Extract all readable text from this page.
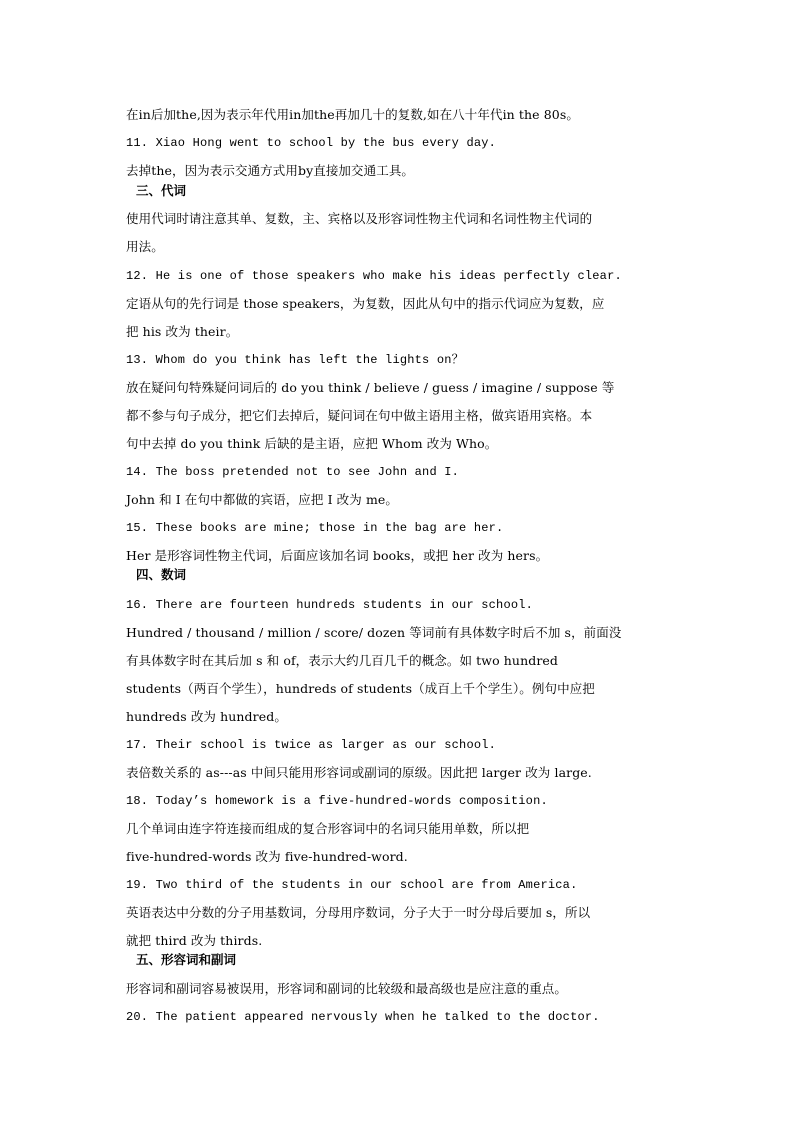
在in后加the,因为表示年代用in加the再加几十的复数,如在八十年代in the 80s。
11. Xiao Hong went to school by the bus every day.
去掉the，因为表示交通方式用by直接加交通工具。
三、代词
使用代词时请注意其单、复数，主、宾格以及形容词性物主代词和名词性物主代词的
用法。
12. He is one of those speakers who make his ideas perfectly clear.
定语从句的先行词是 those speakers，为复数，因此从句中的指示代词应为复数，应
把 his 改为 their。
13. Whom do you think has left the lights on？
放在疑问句特殊疑问词后的 do you think / believe / guess / imagine / suppose 等
都不参与句子成分，把它们去掉后，疑问词在句中做主语用主格，做宾语用宾格。本
句中去掉 do you think 后缺的是主语，应把 Whom 改为 Who。
14. The boss pretended not to see John and I.
John 和 I 在句中都做的宾语，应把 I 改为 me。
15. These books are mine; those in the bag are her.
Her 是形容词性物主代词，后面应该加名词 books，或把 her 改为 hers。
四、数词
16. There are fourteen hundreds students in our school.
Hundred / thousand / million / score/ dozen 等词前有具体数字时后不加 s，前面没
有具体数字时在其后加 s 和 of，表示大约几百几千的概念。如 two hundred
students（两百个学生），hundreds of students（成百上千个学生）。例句中应把
hundreds 改为 hundred。
17. Their school is twice as larger as our school.
表倍数关系的 as---as 中间只能用形容词或副词的原级。因此把 larger 改为 large.
18. Today’s homework is a five-hundred-words composition.
几个单词由连字符连接而组成的复合形容词中的名词只能用单数，所以把
five-hundred-words 改为 five-hundred-word.
19. Two third of the students in our school are from America.
英语表达中分数的分子用基数词，分母用序数词，分子大于一时分母后要加 s，所以
就把 third 改为 thirds.
五、形容词和副词
形容词和副词容易被误用，形容词和副词的比较级和最高级也是应注意的重点。
20. The patient appeared nervously when he talked to the doctor.
